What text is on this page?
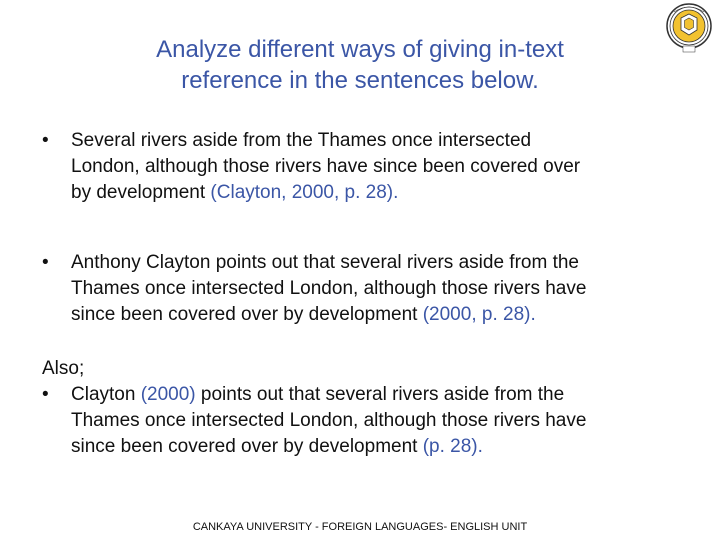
Analyze different ways of giving in-text
reference in the sentences below.
• Several rivers aside from the Thames once intersected
London, although those rivers have since been covered over
by development (Clayton, 2000, p. 28).
• Anthony Clayton points out that several rivers aside from the
Thames once intersected London, although those rivers have
since been covered over by development (2000, p. 28).
Also;
• Clayton (2000) points out that several rivers aside from the
Thames once intersected London, although those rivers have
since been covered over by development (p. 28).
CANKAYA UNIVERSITY - FOREIGN LANGUAGES- ENGLISH UNIT
